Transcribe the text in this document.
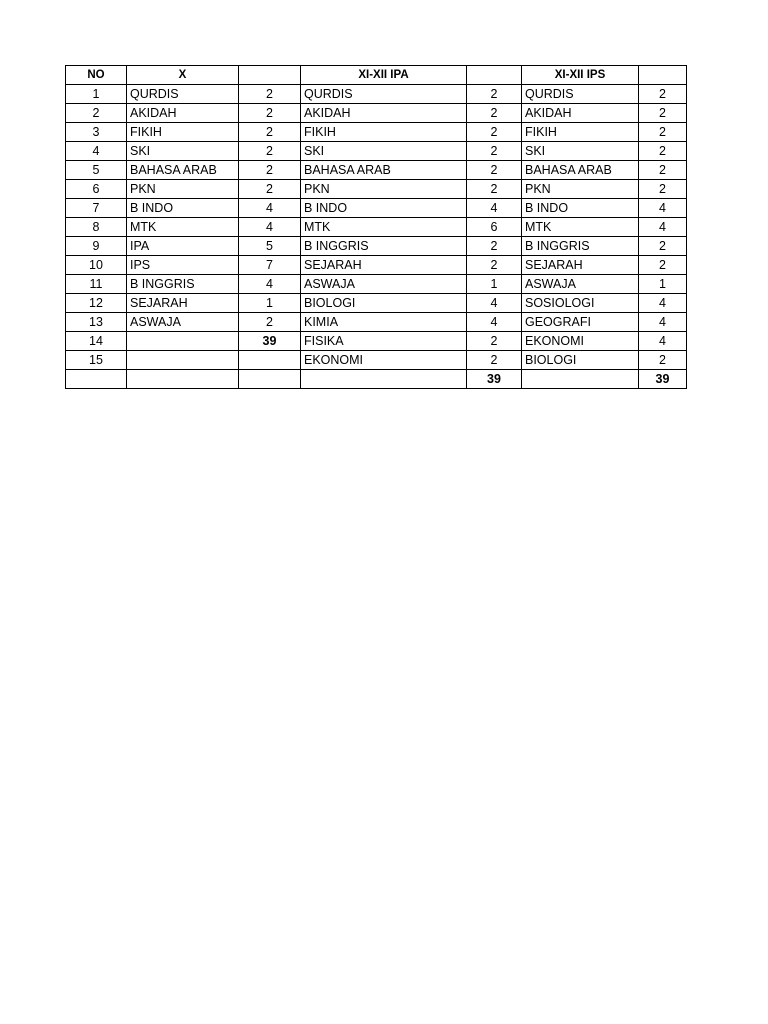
NO	X		XI-XII IPA		XI-XII IPS	
1	QURDIS	2	QURDIS	2	QURDIS	2
2	AKIDAH	2	AKIDAH	2	AKIDAH	2
3	FIKIH	2	FIKIH	2	FIKIH	2
4	SKI	2	SKI	2	SKI	2
5	BAHASA ARAB	2	BAHASA ARAB	2	BAHASA ARAB	2
6	PKN	2	PKN	2	PKN	2
7	B INDO	4	B INDO	4	B INDO	4
8	MTK	4	MTK	6	MTK	4
9	IPA	5	B INGGRIS	2	B INGGRIS	2
10	IPS	7	SEJARAH	2	SEJARAH	2
11	B INGGRIS	4	ASWAJA	1	ASWAJA	1
12	SEJARAH	1	BIOLOGI	4	SOSIOLOGI	4
13	ASWAJA	2	KIMIA	4	GEOGRAFI	4
14		39	FISIKA	2	EKONOMI	4
15			EKONOMI	2	BIOLOGI	2
				39		39
